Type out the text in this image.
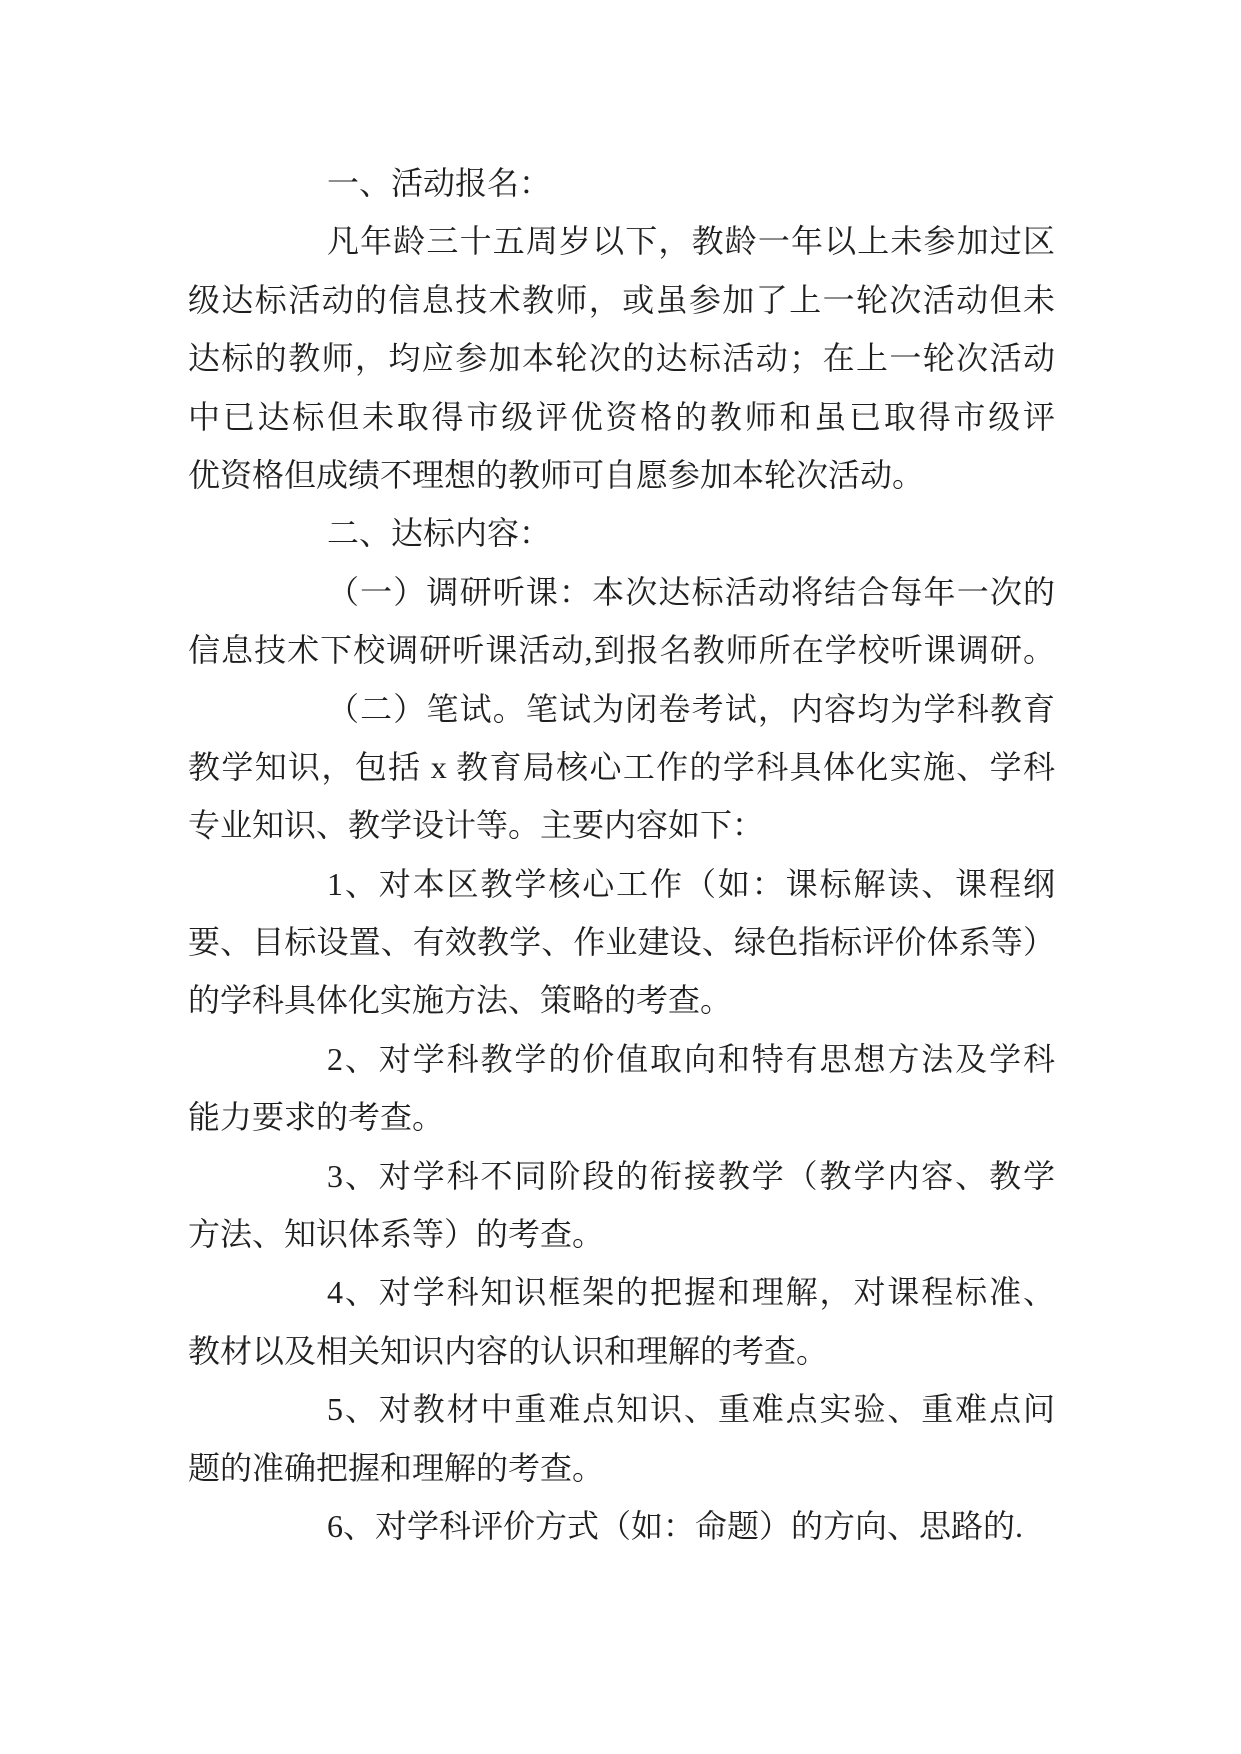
一、活动报名：
凡年龄三十五周岁以下，教龄一年以上未参加过区
级达标活动的信息技术教师，或虽参加了上一轮次活动但未
达标的教师，均应参加本轮次的达标活动；在上一轮次活动
中已达标但未取得市级评优资格的教师和虽已取得市级评
优资格但成绩不理想的教师可自愿参加本轮次活动。
二、达标内容：
（一）调研听课：本次达标活动将结合每年一次的
信息技术下校调研听课活动,到报名教师所在学校听课调研。
（二）笔试。笔试为闭卷考试，内容均为学科教育
教学知识，包括 x 教育局核心工作的学科具体化实施、学科
专业知识、教学设计等。主要内容如下：
1、对本区教学核心工作（如：课标解读、课程纲
要、目标设置、有效教学、作业建设、绿色指标评价体系等）
的学科具体化实施方法、策略的考查。
2、对学科教学的价值取向和特有思想方法及学科
能力要求的考查。
3、对学科不同阶段的衔接教学（教学内容、教学
方法、知识体系等）的考查。
4、对学科知识框架的把握和理解，对课程标准、
教材以及相关知识内容的认识和理解的考查。
5、对教材中重难点知识、重难点实验、重难点问
题的准确把握和理解的考查。
6、对学科评价方式（如：命题）的方向、思路的.
